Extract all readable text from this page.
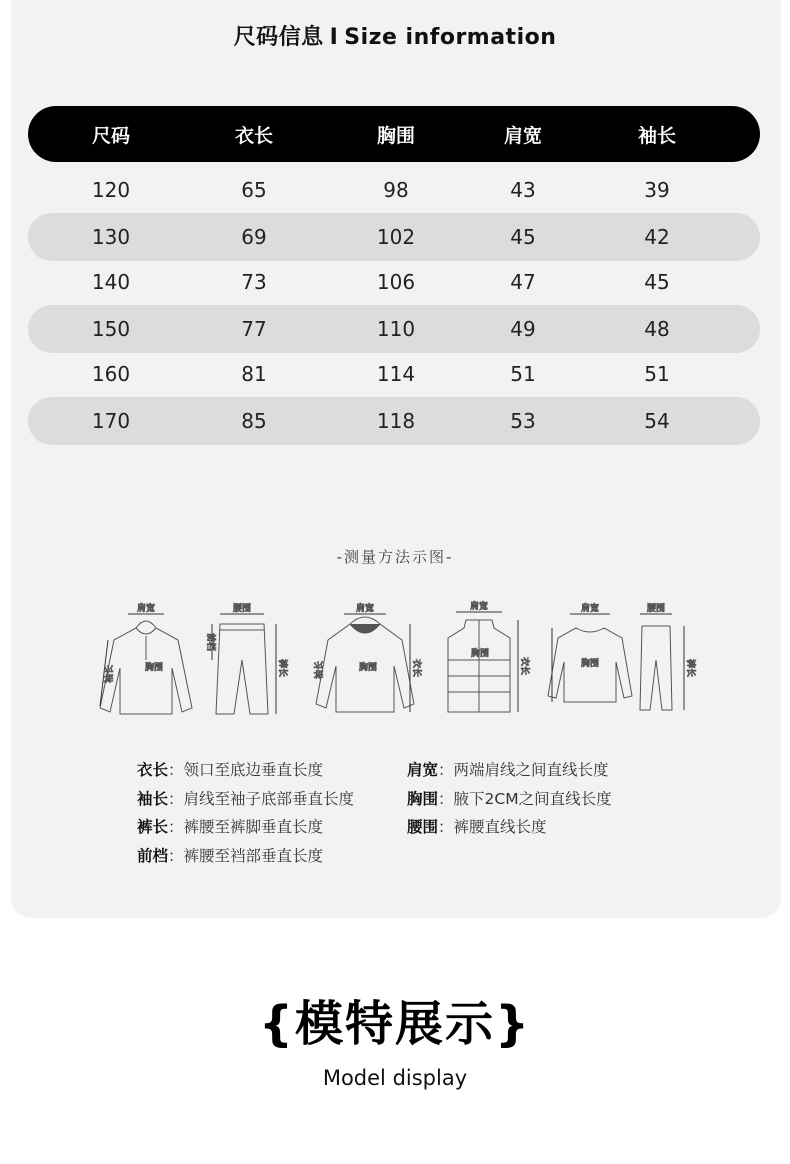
尺码信息 I Size information
尺码	衣长	胸围	肩宽	袖长
120	65	98	43	39
130	69	102	45	42
140	73	106	47	45
150	77	110	49	48
160	81	114	51	51
170	85	118	53	54
-测量方法示图-
肩宽
袖长	胸围
腰围
前档
裤长
肩宽
胸围	衣长
袖长
肩宽
胸围
衣长
肩宽
胸围
腰围
裤长
衣长：领口至底边垂直长度
袖长：肩线至袖子底部垂直长度
裤长：裤腰至裤脚垂直长度
前档：裤腰至裆部垂直长度
肩宽：两端肩线之间直线长度
胸围：腋下2CM之间直线长度
腰围：裤腰直线长度
{模特展示}
Model display
